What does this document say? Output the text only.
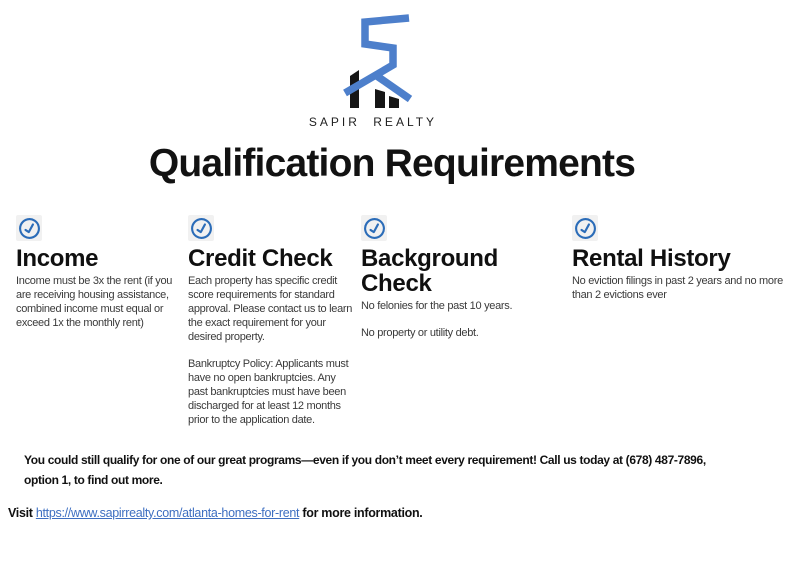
SAPIR REALTY
Qualification Requirements
Income

Income must be 3x the rent (if you are receiving housing assistance, combined income must equal or exceed 1x the monthly rent)

Credit Check

Each property has specific credit score requirements for standard approval. Please contact us to learn the exact requirement for your desired property.

Bankruptcy Policy: Applicants must have no open bankruptcies. Any past bankruptcies must have been discharged for at least 12 months prior to the application date.

Background Check

No felonies for the past 10 years.

No property or utility debt.

Rental History

No eviction filings in past 2 years and no more than 2 evictions ever

You could still qualify for one of our great programs—even if you don’t meet every requirement! Call us today at (678) 487-7896,
option 1, to find out more.
Visit https://www.sapirrealty.com/atlanta-homes-for-rent for more information.
